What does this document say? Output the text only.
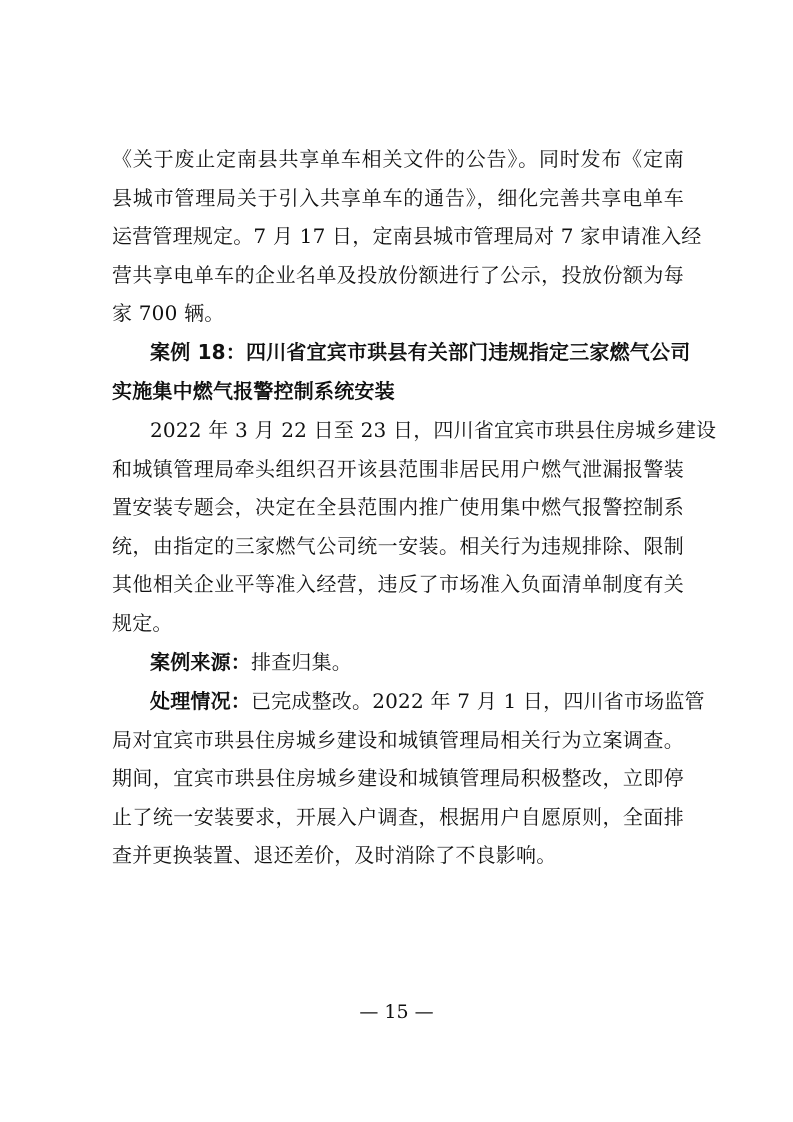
《关于废止定南县共享单车相关文件的公告》。同时发布《定南
县城市管理局关于引入共享单车的通告》，细化完善共享电单车
运营管理规定。7 月 17 日，定南县城市管理局对 7 家申请准入经
营共享电单车的企业名单及投放份额进行了公示，投放份额为每
家 700 辆。
案例 18：四川省宜宾市珙县有关部门违规指定三家燃气公司
实施集中燃气报警控制系统安装
2022 年 3 月 22 日至 23 日，四川省宜宾市珙县住房城乡建设
和城镇管理局牵头组织召开该县范围非居民用户燃气泄漏报警装
置安装专题会，决定在全县范围内推广使用集中燃气报警控制系
统，由指定的三家燃气公司统一安装。相关行为违规排除、限制
其他相关企业平等准入经营，违反了市场准入负面清单制度有关
规定。
案例来源：排查归集。
处理情况：已完成整改。2022 年 7 月 1 日，四川省市场监管
局对宜宾市珙县住房城乡建设和城镇管理局相关行为立案调查。
期间，宜宾市珙县住房城乡建设和城镇管理局积极整改，立即停
止了统一安装要求，开展入户调查，根据用户自愿原则，全面排
查并更换装置、退还差价，及时消除了不良影响。
— 15 —
